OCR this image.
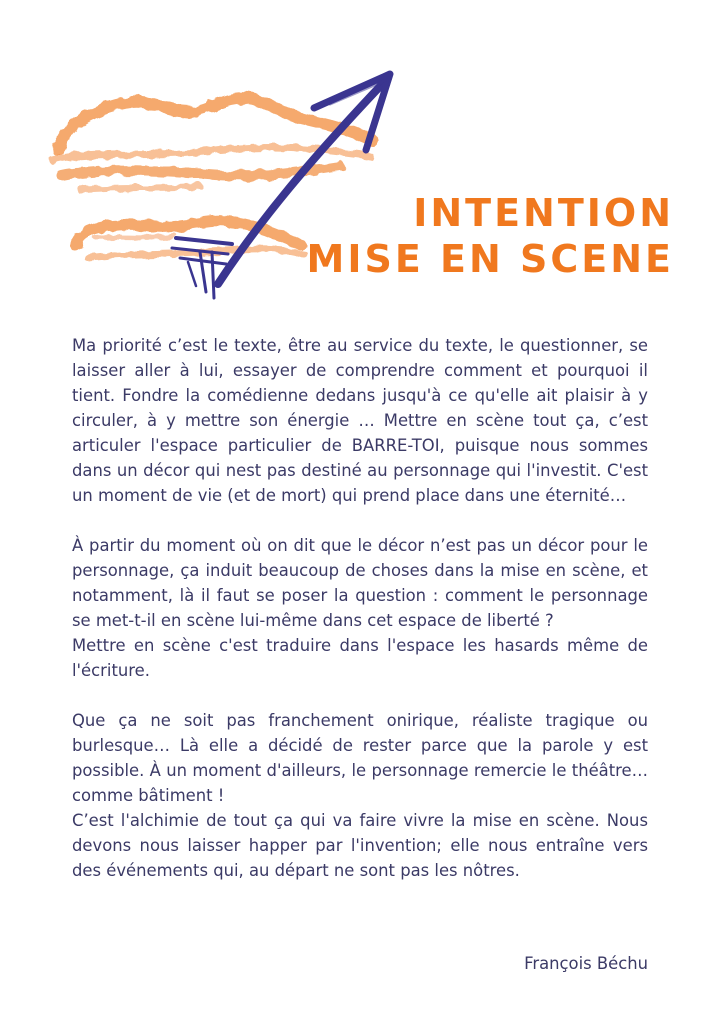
INTENTION
MISE EN SCENE

Ma priorité c’est le texte, être au service du texte, le questionner, se laisser aller à lui, essayer de comprendre comment et pourquoi il tient. Fondre la comédienne dedans jusqu'à ce qu'elle ait plaisir à y circuler, à y mettre son énergie … Mettre en scène tout ça, c’est articuler l'espace particulier de BARRE-TOI, puisque nous sommes dans un décor qui nest pas destiné au personnage qui l'investit. C'est un moment de vie (et de mort) qui prend place dans une éternité…

À partir du moment où on dit que le décor n’est pas un décor pour le personnage, ça induit beaucoup de choses dans la mise en scène, et notamment, là il faut se poser la question : comment le personnage se met-t-il en scène lui-même dans cet espace de liberté ?

Mettre en scène c'est traduire dans l'espace les hasards même de l'écriture.

Que ça ne soit pas franchement onirique, réaliste tragique ou burlesque… Là elle a décidé de rester parce que la parole y est possible. À un moment d'ailleurs, le personnage remercie le théâtre… comme bâtiment !

C’est l'alchimie de tout ça qui va faire vivre la mise en scène. Nous devons nous laisser happer par l'invention; elle nous entraîne vers des événements qui, au départ ne sont pas les nôtres.

François Béchu
